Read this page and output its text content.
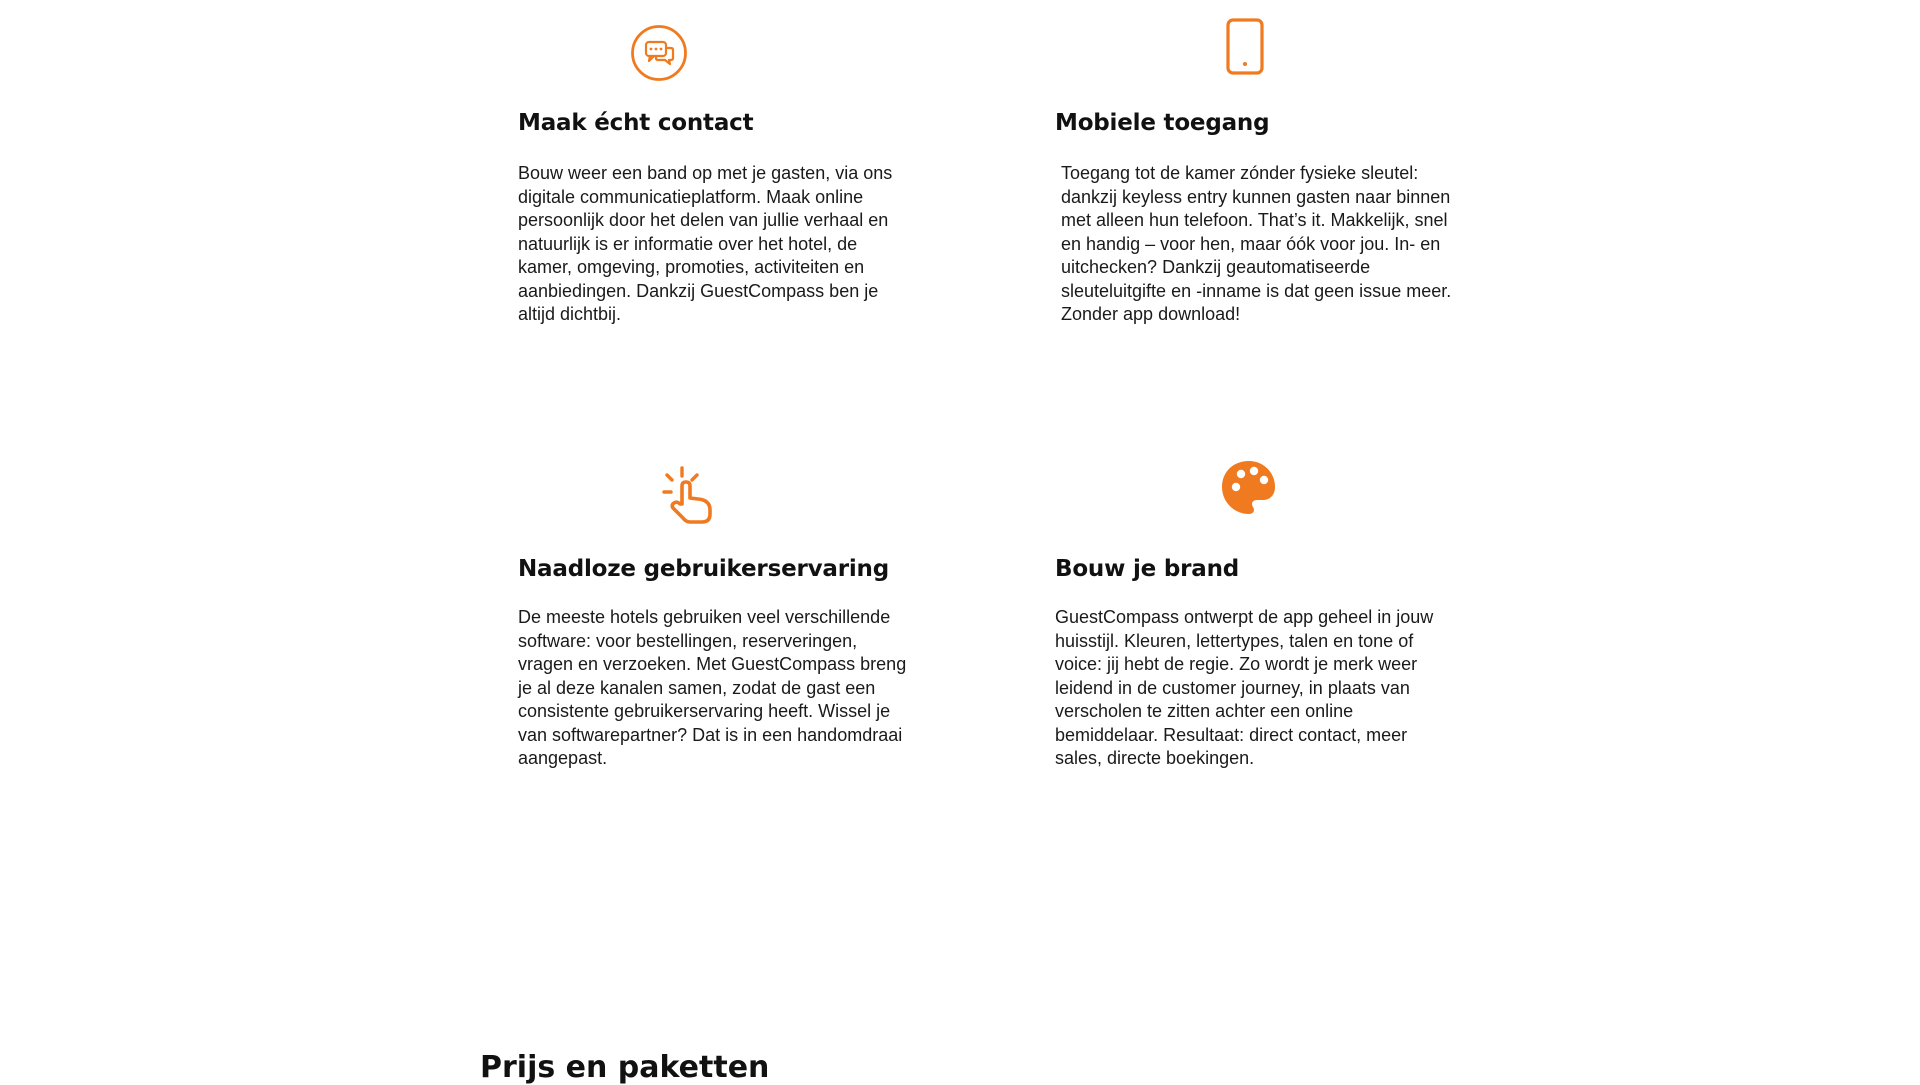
Maak écht contact

Bouw weer een band op met je gasten, via ons digitale communicatieplatform. Maak online persoonlijk door het delen van jullie verhaal en natuurlijk is er informatie over het hotel, de kamer, omgeving, promoties, activiteiten en aanbiedingen. Dankzij GuestCompass ben je altijd dichtbij.

Mobiele toegang

Toegang tot de kamer zónder fysieke sleutel: dankzij keyless entry kunnen gasten naar binnen met alleen hun telefoon. That’s it. Makkelijk, snel en handig – voor hen, maar óók voor jou. In- en uitchecken? Dankzij geautomatiseerde sleuteluitgifte en -inname is dat geen issue meer. Zonder app download!

Naadloze gebruikerservaring

De meeste hotels gebruiken veel verschillende software: voor bestellingen, reserveringen, vragen en verzoeken. Met GuestCompass breng je al deze kanalen samen, zodat de gast een consistente gebruikerservaring heeft. Wissel je van softwarepartner? Dat is in een handomdraai aangepast.

Bouw je brand

GuestCompass ontwerpt de app geheel in jouw huisstijl. Kleuren, lettertypes, talen en tone of voice: jij hebt de regie. Zo wordt je merk weer leidend in de customer journey, in plaats van verscholen te zitten achter een online bemiddelaar. Resultaat: direct contact, meer sales, directe boekingen.

Prijs en paketten
